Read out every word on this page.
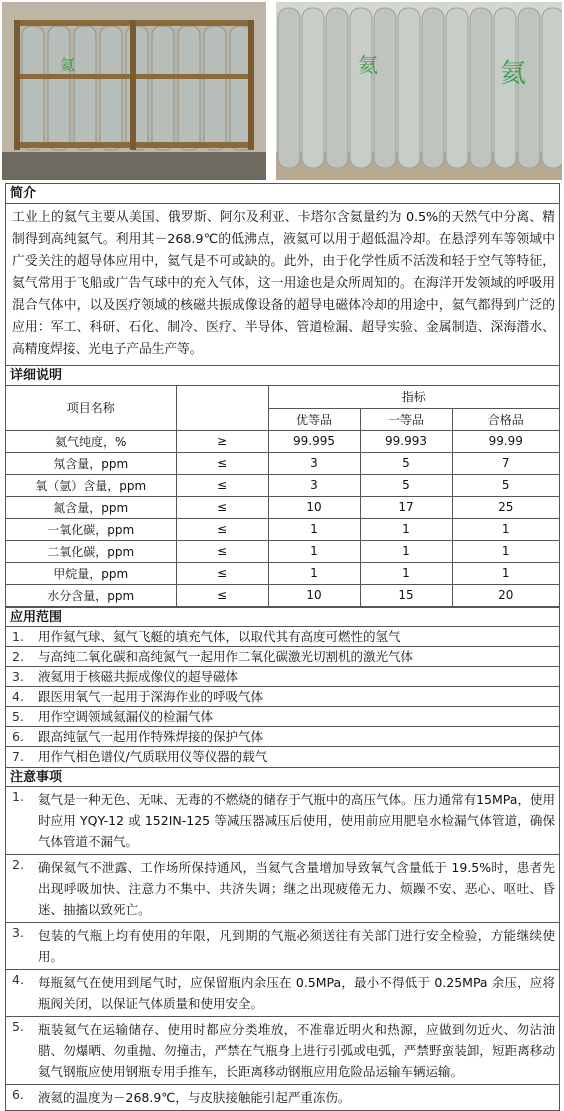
氦	氦	氦
简介
工业上的氦气主要从美国、俄罗斯、阿尔及利亚、卡塔尔含氦量约为 0.5%的天然气中分离、精制得到高纯氦气。利用其－268.9℃的低沸点，液氦可以用于超低温冷却。在悬浮列车等领域中广受关注的超导体应用中，氦气是不可或缺的。此外，由于化学性质不活泼和轻于空气等特征，氦气常用于飞船或广告气球中的充入气体，这一用途也是众所周知的。在海洋开发领域的呼吸用混合气体中，以及医疗领域的核磁共振成像设备的超导电磁体冷却的用途中，氦气都得到广泛的应用：军工、科研、石化、制冷、医疗、半导体、管道检漏、超导实验、金属制造、深海潜水、高精度焊接、光电子产品生产等。
详细说明
项目名称		指标		
		优等品	一等品	合格品
氦气纯度，%	≥	99.995	99.993	99.99
氖含量，ppm	≤	3	5	7
氧（氩）含量，ppm	≤	3	5	5
氮含量，ppm	≤	10	17	25
一氧化碳，ppm	≤	1	1	1
二氧化碳，ppm	≤	1	1	1
甲烷量，ppm	≤	1	1	1
水分含量，ppm	≤	10	15	20
应用范围
1.	用作氦气球、氦气飞艇的填充气体，以取代其有高度可燃性的氢气
2.	与高纯二氧化碳和高纯氮气一起用作二氧化碳激光切割机的激光气体
3.	液氦用于核磁共振成像仪的超导磁体
4.	跟医用氧气一起用于深海作业的呼吸气体
5.	用作空调领域氦漏仪的检漏气体
6.	跟高纯氩气一起用作特殊焊接的保护气体
7.	用作气相色谱仪/气质联用仪等仪器的载气
注意事项
1.	氦气是一种无色、无味、无毒的不燃烧的储存于气瓶中的高压气体。压力通常有15MPa，使用时应用 YQY-12 或 152IN-125 等减压器减压后使用，使用前应用肥皂水检漏气体管道，确保气体管道不漏气。
2.	确保氦气不泄露、工作场所保持通风，当氦气含量增加导致氧气含量低于 19.5%时，患者先出现呼吸加快、注意力不集中、共济失调；继之出现疲倦无力、烦躁不安、恶心、呕吐、昏迷、抽搐以致死亡。
3.	包装的气瓶上均有使用的年限，凡到期的气瓶必须送往有关部门进行安全检验，方能继续使用。
4.	每瓶氦气在使用到尾气时，应保留瓶内余压在 0.5MPa，最小不得低于 0.25MPa 余压，应将瓶阀关闭，以保证气体质量和使用安全。
5.	瓶装氦气在运输储存、使用时都应分类堆放，不准靠近明火和热源，应做到勿近火、勿沾油腊、勿爆晒、勿重抛、勿撞击，严禁在气瓶身上进行引弧或电弧，严禁野蛮装卸，短距离移动氦气钢瓶应使用钢瓶专用手推车，长距离移动钢瓶应用危险品运输车辆运输。
6.	液氦的温度为－268.9℃，与皮肤接触能引起严重冻伤。
